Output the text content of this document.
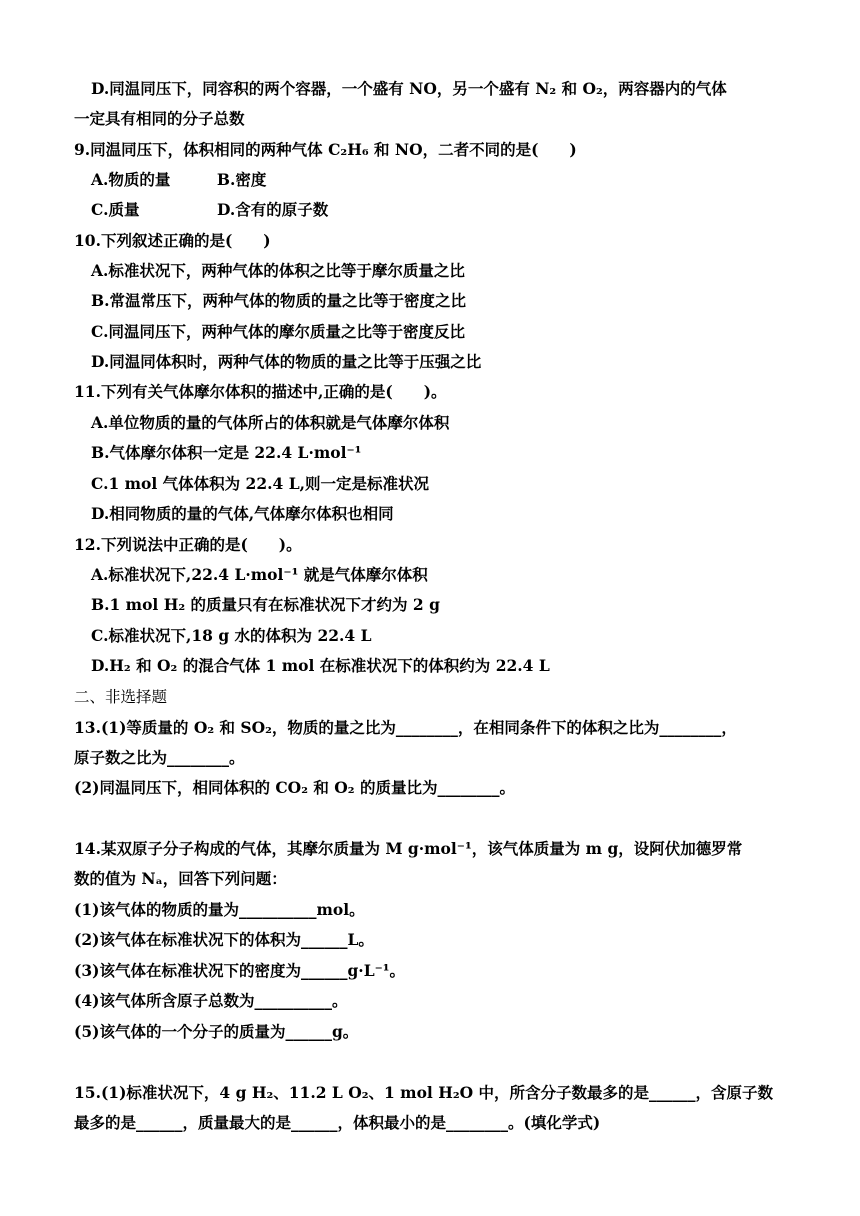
D.同温同压下，同容积的两个容器，一个盛有 NO，另一个盛有 N₂ 和 O₂，两容器内的气体
一定具有相同的分子总数
9.同温同压下，体积相同的两种气体 C₂H₆ 和 NO，二者不同的是(　　)
A.物质的量　　　B.密度
C.质量　　　　　D.含有的原子数
10.下列叙述正确的是(　　)
A.标准状况下，两种气体的体积之比等于摩尔质量之比
B.常温常压下，两种气体的物质的量之比等于密度之比
C.同温同压下，两种气体的摩尔质量之比等于密度反比
D.同温同体积时，两种气体的物质的量之比等于压强之比
11.下列有关气体摩尔体积的描述中,正确的是(　　)。
A.单位物质的量的气体所占的体积就是气体摩尔体积
B.气体摩尔体积一定是 22.4 L·mol⁻¹
C.1 mol 气体体积为 22.4 L,则一定是标准状况
D.相同物质的量的气体,气体摩尔体积也相同
12.下列说法中正确的是(　　)。
A.标准状况下,22.4 L·mol⁻¹ 就是气体摩尔体积
B.1 mol H₂ 的质量只有在标准状况下才约为 2 g
C.标准状况下,18 g 水的体积为 22.4 L
D.H₂ 和 O₂ 的混合气体 1 mol 在标准状况下的体积约为 22.4 L
二、非选择题
13.(1)等质量的 O₂ 和 SO₂，物质的量之比为________，在相同条件下的体积之比为________，
原子数之比为________。
(2)同温同压下，相同体积的 CO₂ 和 O₂ 的质量比为________。
14.某双原子分子构成的气体，其摩尔质量为 M g·mol⁻¹，该气体质量为 m g，设阿伏加德罗常
数的值为 Nₐ，回答下列问题：
(1)该气体的物质的量为__________mol。
(2)该气体在标准状况下的体积为______L。
(3)该气体在标准状况下的密度为______g·L⁻¹。
(4)该气体所含原子总数为__________。
(5)该气体的一个分子的质量为______g。
15.(1)标准状况下，4 g H₂、11.2 L O₂、1 mol H₂O 中，所含分子数最多的是______，含原子数
最多的是______，质量最大的是______，体积最小的是________。(填化学式)
